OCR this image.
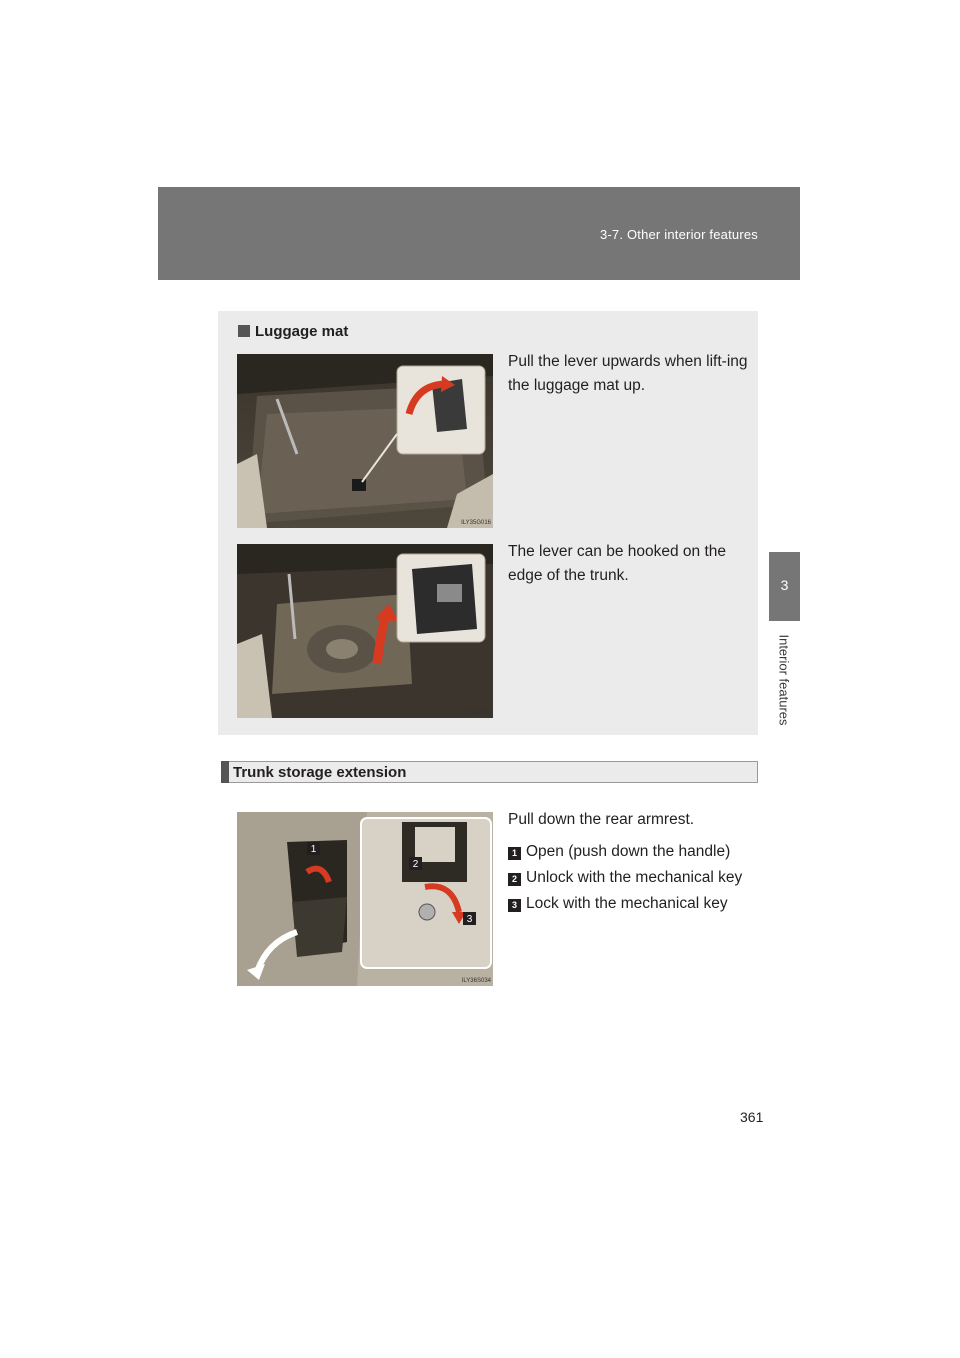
3-7. Other interior features
3
Interior features
Luggage mat
ILY35G016
Pull the lever upwards when lift-ing the luggage mat up.
ILY35G017
The lever can be hooked on the edge of the trunk.
Trunk storage extension
1
2
3
ILY36S034
Pull down the rear armrest.
1 Open (push down the handle)
2 Unlock with the mechanical key
3 Lock with the mechanical key
361
